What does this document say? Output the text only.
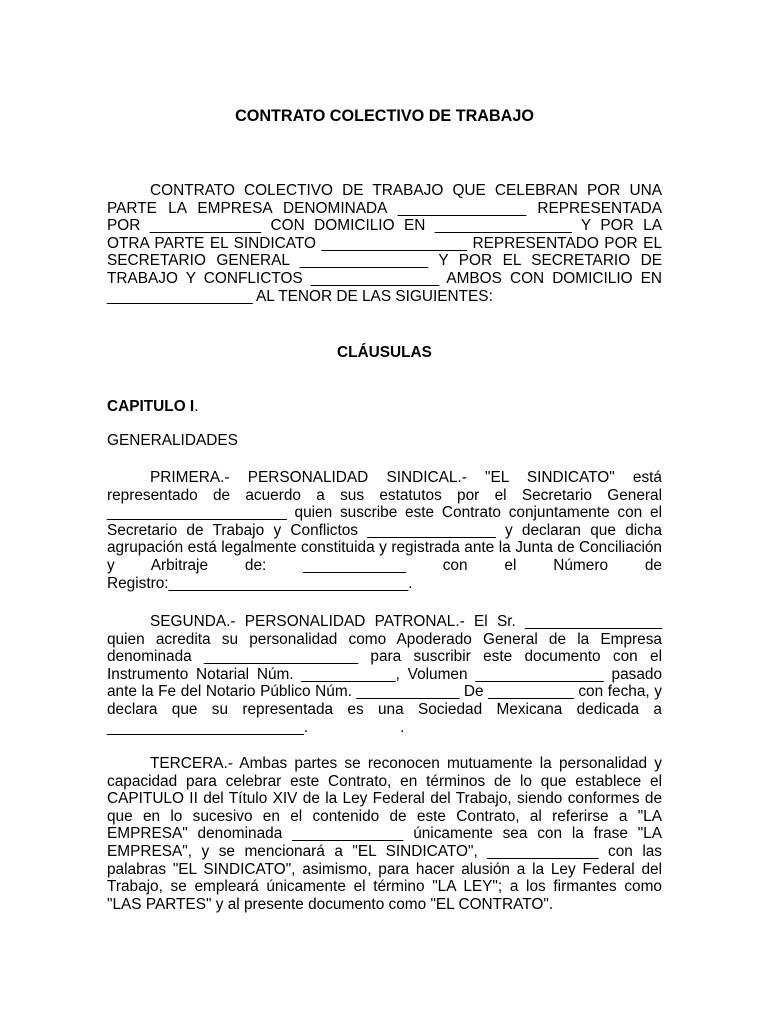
CONTRATO COLECTIVO DE TRABAJO

CONTRATO COLECTIVO DE TRABAJO QUE CELEBRAN POR UNA PARTE LA EMPRESA DENOMINADA _______________ REPRESENTADA POR _____________ CON DOMICILIO EN ________________ Y POR LA OTRA PARTE EL SINDICATO _________________ REPRESENTADO POR EL SECRETARIO GENERAL _______________ Y POR EL SECRETARIO DE TRABAJO Y CONFLICTOS _______________ AMBOS CON DOMICILIO EN _________________ AL TENOR DE LAS SIGUIENTES:

CLÁUSULAS
CAPITULO I.
GENERALIDADES

PRIMERA.- PERSONALIDAD SINDICAL.- "EL SINDICATO" está representado de acuerdo a sus estatutos por el Secretario General _____________________ quien suscribe este Contrato conjuntamente con el Secretario de Trabajo y Conflictos _______________ y declaran que dicha agrupación está legalmente constituida y registrada ante la Junta de Conciliación y Arbitraje de: ____________ con el Número de Registro:____________________________.

SEGUNDA.- PERSONALIDAD PATRONAL.- El Sr. ________________ quien acredita su personalidad como Apoderado General de la Empresa denominada __________________ para suscribir este documento con el Instrumento Notarial Núm. ___________, Volumen _______________ pasado ante la Fe del Notario Público Núm. ____________ De __________ con fecha, y declara que su representada es una Sociedad Mexicana dedicada a _______________________.	.

TERCERA.- Ambas partes se reconocen mutuamente la personalidad y capacidad para celebrar este Contrato, en términos de lo que establece el CAPITULO II del Título XIV de la Ley Federal del Trabajo, siendo conformes de que en lo sucesivo en el contenido de este Contrato, al referirse a "LA EMPRESA" denominada _____________ únicamente sea con la frase "LA EMPRESA", y se mencionará a "EL SINDICATO", _____________ con las palabras "EL SINDICATO", asimismo, para hacer alusión a la Ley Federal del Trabajo, se empleará únicamente el término "LA LEY"; a los firmantes como "LAS PARTES" y al presente documento como "EL CONTRATO".
